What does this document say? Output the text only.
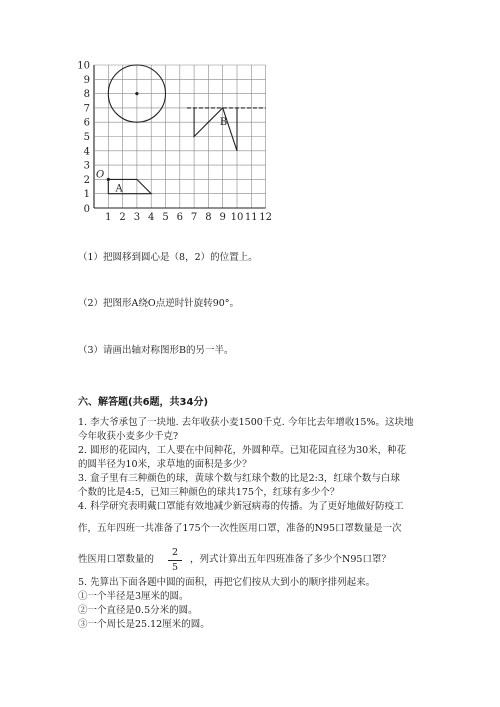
10
9
8
7
6
5
4
3
2
1
0
1 2 3 4 5 6 7 8 9 10 11 12
B
A
O
（1）把圆移到圆心是（8，2）的位置上。
（2）把图形A绕O点逆时针旋转90°。
（3）请画出轴对称图形B的另一半。
六、解答题(共6题，共34分)
1. 李大爷承包了一块地. 去年收获小麦1500千克. 今年比去年增收15%。这块地
今年收获小麦多少千克?
2. 圆形的花园内，工人要在中间种花，外圆种草。已知花园直径为30米，种花
的圆半径为10米，求草地的面积是多少？
3. 盒子里有三种颜色的球，黄球个数与红球个数的比是2:3，红球个数与白球
个数的比是4:5，已知三种颜色的球共175个，红球有多少个？
4. 科学研究表明戴口罩能有效地减少新冠病毒的传播。为了更好地做好防疫工
作，五年四班一共准备了175个一次性医用口罩，准备的N95口罩数量是一次
性医用口罩数量的
2
5
，列式计算出五年四班准备了多少个N95口罩？
5. 先算出下面各题中圆的面积，再把它们按从大到小的顺序排列起来。
①一个半径是3厘米的圆。
②一个直径是0.5分米的圆。
③一个周长是25.12厘米的圆。
